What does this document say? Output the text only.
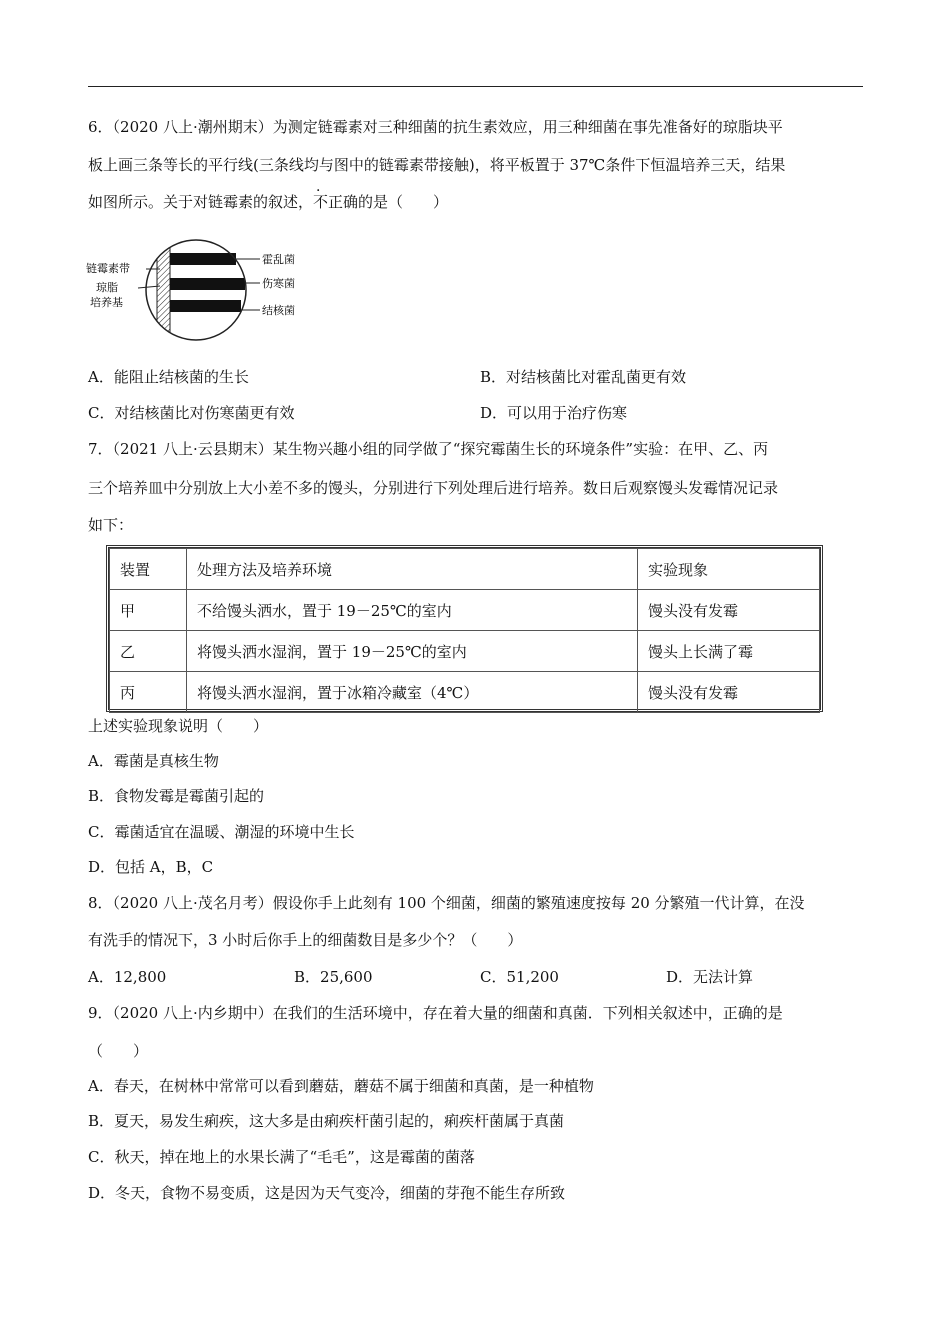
6．（2020 八上·潮州期末）为测定链霉素对三种细菌的抗生素效应，用三种细菌在事先准备好的琼脂块平
板上画三条等长的平行线(三条线均与图中的链霉素带接触)，将平板置于 37℃条件下恒温培养三天，结果
如图所示。关于对链霉素的叙述，不正确的是（　　）
链霉素带
琼脂
培养基
霍乱菌
伤寒菌
结核菌
A．能阻止结核菌的生长	B．对结核菌比对霍乱菌更有效
C．对结核菌比对伤寒菌更有效	D．可以用于治疗伤寒
7．（2021 八上·云县期末）某生物兴趣小组的同学做了“探究霉菌生长的环境条件”实验：在甲、乙、丙
三个培养皿中分别放上大小差不多的馒头，分别进行下列处理后进行培养。数日后观察馒头发霉情况记录
如下：
装置	处理方法及培养环境	实验现象
甲	不给馒头洒水，置于 19－25℃的室内	馒头没有发霉
乙	将馒头洒水湿润，置于 19－25℃的室内	馒头上长满了霉
丙	将馒头洒水湿润，置于冰箱冷藏室（4℃）	馒头没有发霉
上述实验现象说明（　　）
A．霉菌是真核生物
B．食物发霉是霉菌引起的
C．霉菌适宜在温暖、潮湿的环境中生长
D．包括 A，B，C
8．（2020 八上·茂名月考）假设你手上此刻有 100 个细菌，细菌的繁殖速度按每 20 分繁殖一代计算，在没
有洗手的情况下，3 小时后你手上的细菌数目是多少个？（　　）
A．12,800	B．25,600	C．51,200	D．无法计算
9．（2020 八上·内乡期中）在我们的生活环境中，存在着大量的细菌和真菌．下列相关叙述中，正确的是
（　　）
A．春天，在树林中常常可以看到蘑菇，蘑菇不属于细菌和真菌，是一种植物
B．夏天，易发生痢疾，这大多是由痢疾杆菌引起的，痢疾杆菌属于真菌
C．秋天，掉在地上的水果长满了“毛毛”，这是霉菌的菌落
D．冬天，食物不易变质，这是因为天气变冷，细菌的芽孢不能生存所致
